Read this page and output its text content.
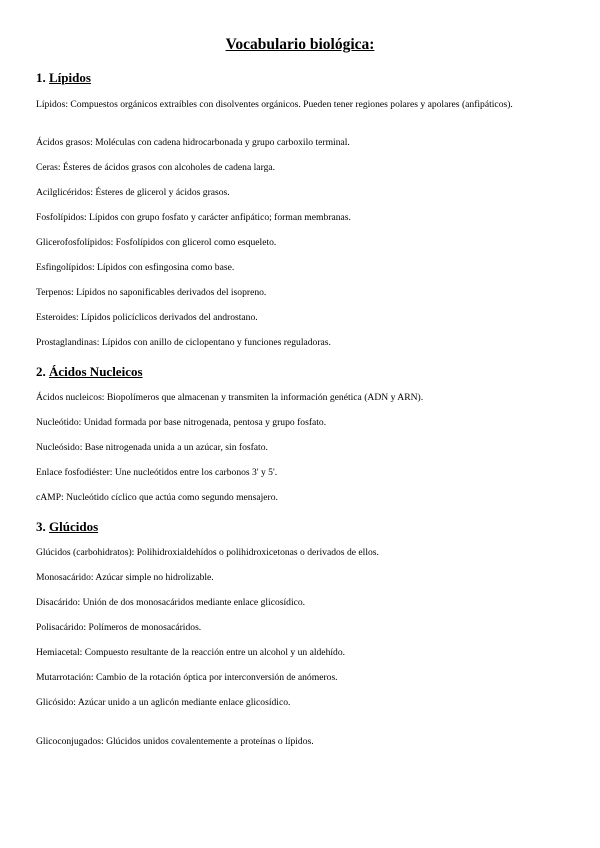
Vocabulario biológica:
1. Lípidos
Lípidos: Compuestos orgánicos extraíbles con disolventes orgánicos. Pueden tener regiones polares y apolares (anfipáticos).
Ácidos grasos: Moléculas con cadena hidrocarbonada y grupo carboxilo terminal.
Ceras: Ésteres de ácidos grasos con alcoholes de cadena larga.
Acilglicéridos: Ésteres de glicerol y ácidos grasos.
Fosfolípidos: Lípidos con grupo fosfato y carácter anfipático; forman membranas.
Glicerofosfolípidos: Fosfolípidos con glicerol como esqueleto.
Esfingolípidos: Lípidos con esfingosina como base.
Terpenos: Lípidos no saponificables derivados del isopreno.
Esteroides: Lípidos policíclicos derivados del androstano.
Prostaglandinas: Lípidos con anillo de ciclopentano y funciones reguladoras.
2. Ácidos Nucleicos
Ácidos nucleicos: Biopolímeros que almacenan y transmiten la información genética (ADN y ARN).
Nucleótido: Unidad formada por base nitrogenada, pentosa y grupo fosfato.
Nucleósido: Base nitrogenada unida a un azúcar, sin fosfato.
Enlace fosfodiéster: Une nucleótidos entre los carbonos 3' y 5'.
cAMP: Nucleótido cíclico que actúa como segundo mensajero.
3. Glúcidos
Glúcidos (carbohidratos): Polihidroxialdehídos o polihidroxicetonas o derivados de ellos.
Monosacárido: Azúcar simple no hidrolizable.
Disacárido: Unión de dos monosacáridos mediante enlace glicosídico.
Polisacárido: Polímeros de monosacáridos.
Hemiacetal: Compuesto resultante de la reacción entre un alcohol y un aldehído.
Mutarrotación: Cambio de la rotación óptica por interconversión de anómeros.
Glicósido: Azúcar unido a un aglicón mediante enlace glicosídico.
Glicoconjugados: Glúcidos unidos covalentemente a proteínas o lípidos.
